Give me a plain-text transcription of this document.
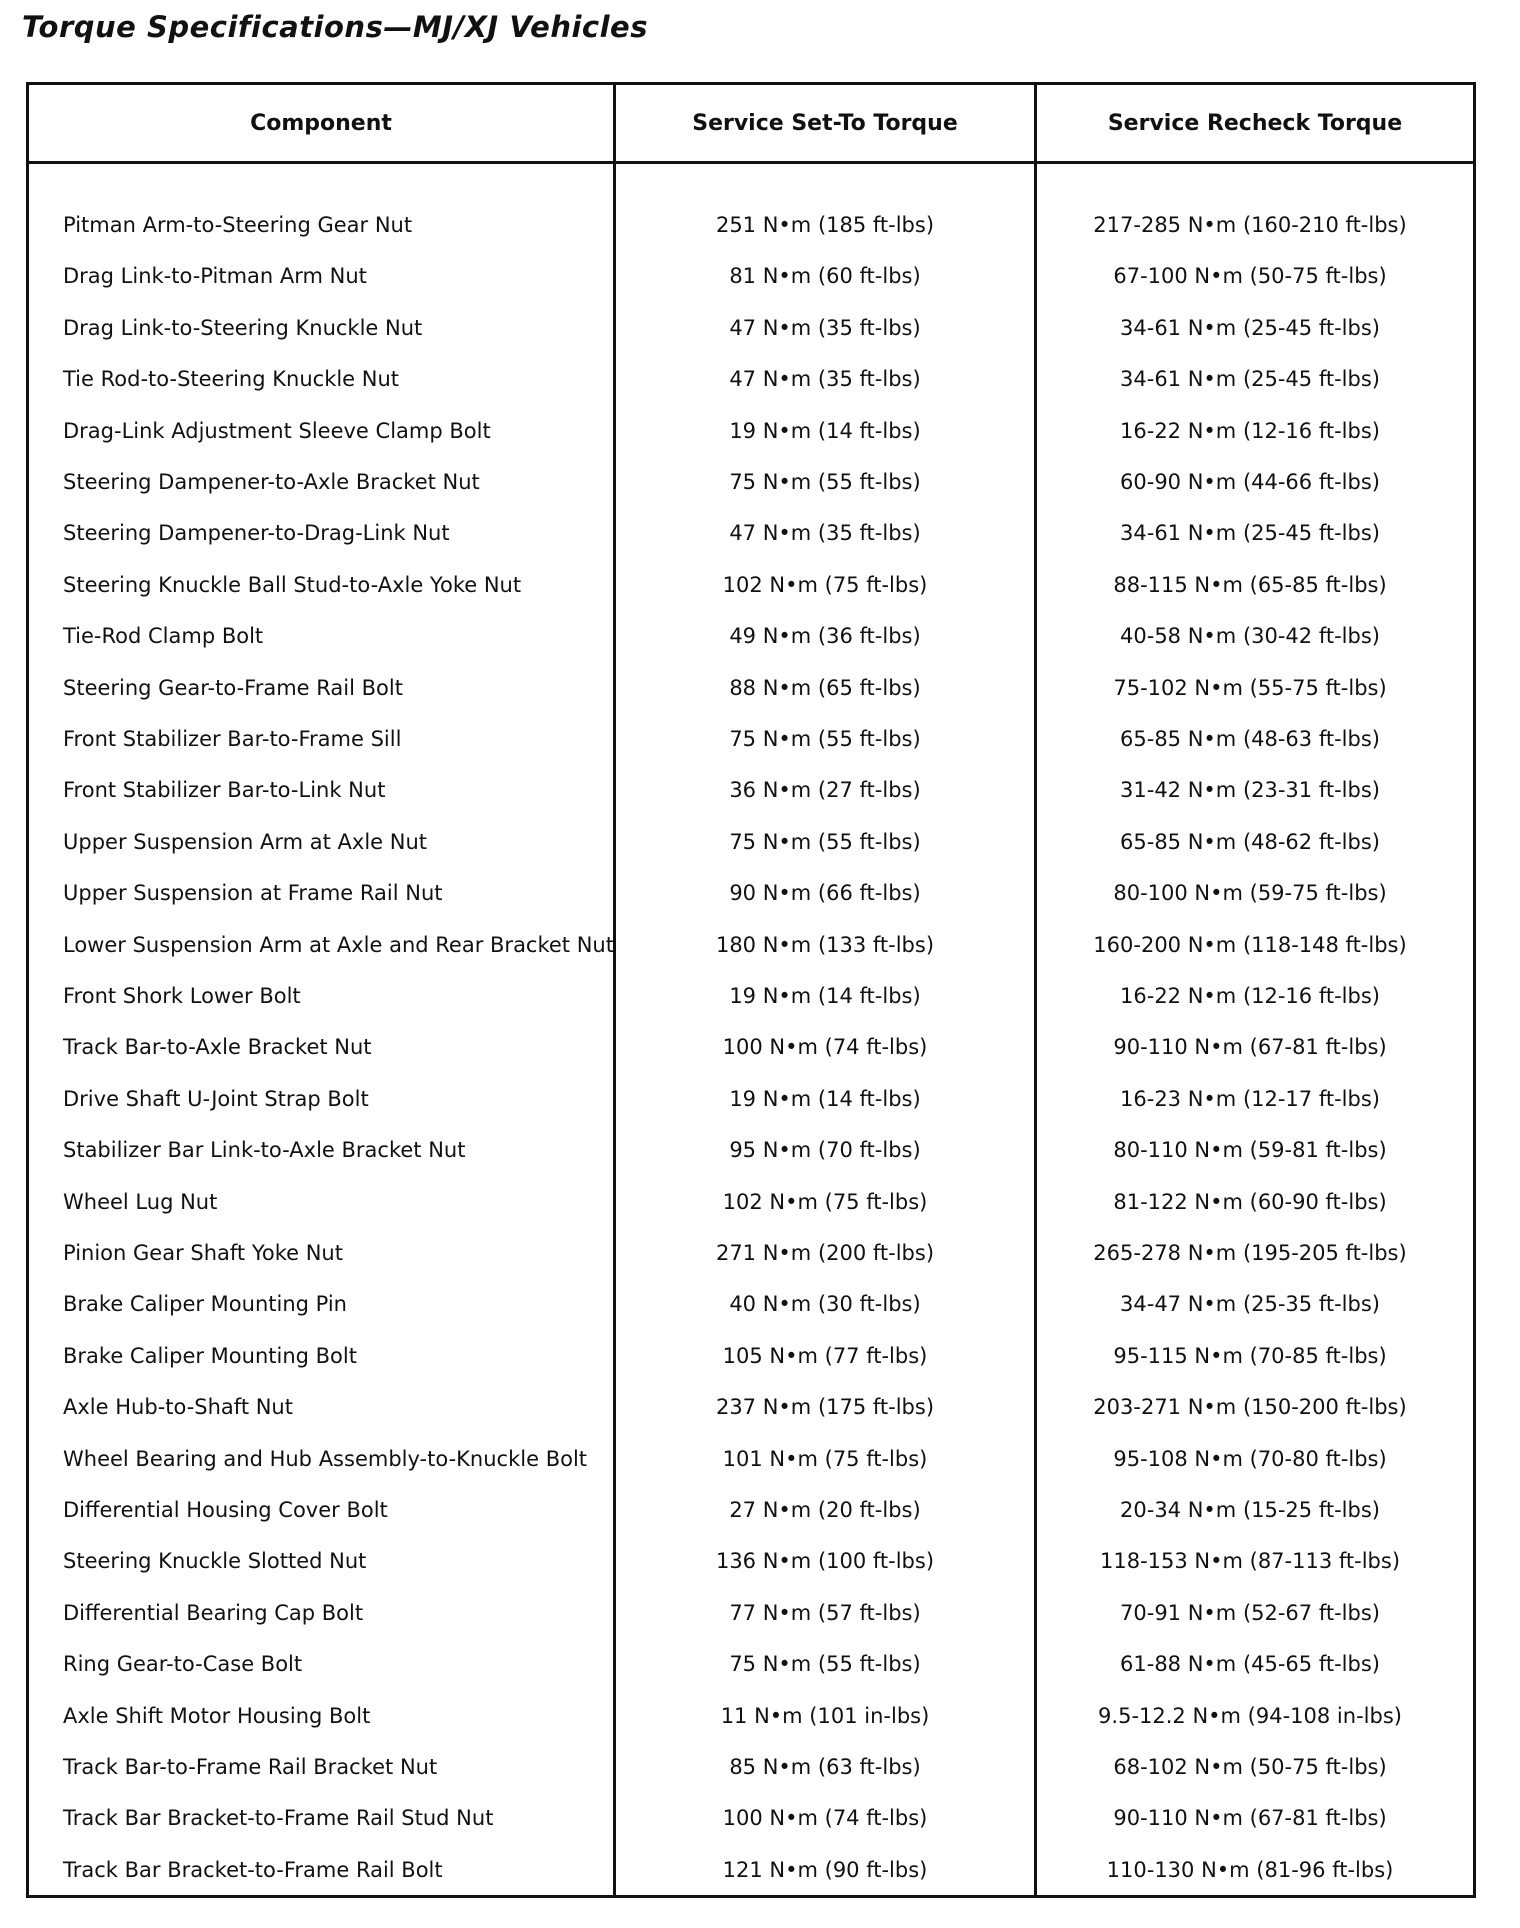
Torque Specifications—MJ/XJ Vehicles
Component	Service Set-To Torque	Service Recheck Torque
Pitman Arm-to-Steering Gear Nut	251 N•m (185 ft-lbs)	217-285 N•m (160-210 ft-lbs)
Drag Link-to-Pitman Arm Nut	81 N•m (60 ft-lbs)	67-100 N•m (50-75 ft-lbs)
Drag Link-to-Steering Knuckle Nut	47 N•m (35 ft-lbs)	34-61 N•m (25-45 ft-lbs)
Tie Rod-to-Steering Knuckle Nut	47 N•m (35 ft-lbs)	34-61 N•m (25-45 ft-lbs)
Drag-Link Adjustment Sleeve Clamp Bolt	19 N•m (14 ft-lbs)	16-22 N•m (12-16 ft-lbs)
Steering Dampener-to-Axle Bracket Nut	75 N•m (55 ft-lbs)	60-90 N•m (44-66 ft-lbs)
Steering Dampener-to-Drag-Link Nut	47 N•m (35 ft-lbs)	34-61 N•m (25-45 ft-lbs)
Steering Knuckle Ball Stud-to-Axle Yoke Nut	102 N•m (75 ft-lbs)	88-115 N•m (65-85 ft-lbs)
Tie-Rod Clamp Bolt	49 N•m (36 ft-lbs)	40-58 N•m (30-42 ft-lbs)
Steering Gear-to-Frame Rail Bolt	88 N•m (65 ft-lbs)	75-102 N•m (55-75 ft-lbs)
Front Stabilizer Bar-to-Frame Sill	75 N•m (55 ft-lbs)	65-85 N•m (48-63 ft-lbs)
Front Stabilizer Bar-to-Link Nut	36 N•m (27 ft-lbs)	31-42 N•m (23-31 ft-lbs)
Upper Suspension Arm at Axle Nut	75 N•m (55 ft-lbs)	65-85 N•m (48-62 ft-lbs)
Upper Suspension at Frame Rail Nut	90 N•m (66 ft-lbs)	80-100 N•m (59-75 ft-lbs)
Lower Suspension Arm at Axle and Rear Bracket Nut	180 N•m (133 ft-lbs)	160-200 N•m (118-148 ft-lbs)
Front Shork Lower Bolt	19 N•m (14 ft-lbs)	16-22 N•m (12-16 ft-lbs)
Track Bar-to-Axle Bracket Nut	100 N•m (74 ft-lbs)	90-110 N•m (67-81 ft-lbs)
Drive Shaft U-Joint Strap Bolt	19 N•m (14 ft-lbs)	16-23 N•m (12-17 ft-lbs)
Stabilizer Bar Link-to-Axle Bracket Nut	95 N•m (70 ft-lbs)	80-110 N•m (59-81 ft-lbs)
Wheel Lug Nut	102 N•m (75 ft-lbs)	81-122 N•m (60-90 ft-lbs)
Pinion Gear Shaft Yoke Nut	271 N•m (200 ft-lbs)	265-278 N•m (195-205 ft-lbs)
Brake Caliper Mounting Pin	40 N•m (30 ft-lbs)	34-47 N•m (25-35 ft-lbs)
Brake Caliper Mounting Bolt	105 N•m (77 ft-lbs)	95-115 N•m (70-85 ft-lbs)
Axle Hub-to-Shaft Nut	237 N•m (175 ft-lbs)	203-271 N•m (150-200 ft-lbs)
Wheel Bearing and Hub Assembly-to-Knuckle Bolt	101 N•m (75 ft-lbs)	95-108 N•m (70-80 ft-lbs)
Differential Housing Cover Bolt	27 N•m (20 ft-lbs)	20-34 N•m (15-25 ft-lbs)
Steering Knuckle Slotted Nut	136 N•m (100 ft-lbs)	118-153 N•m (87-113 ft-lbs)
Differential Bearing Cap Bolt	77 N•m (57 ft-lbs)	70-91 N•m (52-67 ft-lbs)
Ring Gear-to-Case Bolt	75 N•m (55 ft-lbs)	61-88 N•m (45-65 ft-lbs)
Axle Shift Motor Housing Bolt	11 N•m (101 in-lbs)	9.5-12.2 N•m (94-108 in-lbs)
Track Bar-to-Frame Rail Bracket Nut	85 N•m (63 ft-lbs)	68-102 N•m (50-75 ft-lbs)
Track Bar Bracket-to-Frame Rail Stud Nut	100 N•m (74 ft-lbs)	90-110 N•m (67-81 ft-lbs)
Track Bar Bracket-to-Frame Rail Bolt	121 N•m (90 ft-lbs)	110-130 N•m (81-96 ft-lbs)
